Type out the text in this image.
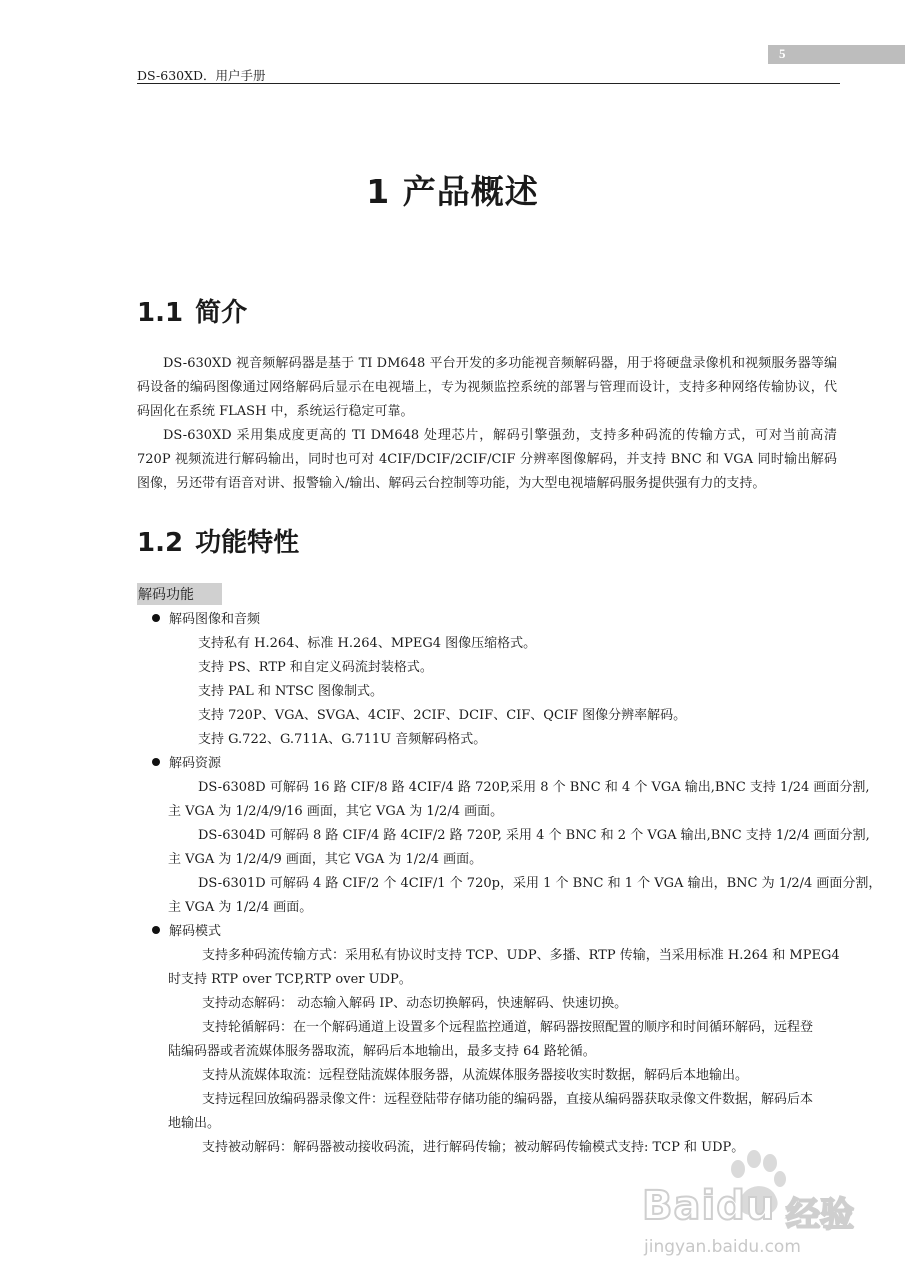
5
DS-630XD．用户手册
1 产品概述
1.1 简介

DS-630XD 视音频解码器是基于 TI DM648 平台开发的多功能视音频解码器，用于将硬盘录像机和视频服务器等编码设备的编码图像通过网络解码后显示在电视墙上，专为视频监控系统的部署与管理而设计，支持多种网络传输协议，代码固化在系统 FLASH 中，系统运行稳定可靠。

DS-630XD 采用集成度更高的 TI DM648 处理芯片，解码引擎强劲，支持多种码流的传输方式，可对当前高清 720P 视频流进行解码输出，同时也可对 4CIF/DCIF/2CIF/CIF 分辨率图像解码，并支持 BNC 和 VGA 同时输出解码图像，另还带有语音对讲、报警输入/输出、解码云台控制等功能，为大型电视墙解码服务提供强有力的支持。

1.2 功能特性
解码功能
解码图像和音频
支持私有 H.264、标准 H.264、MPEG4 图像压缩格式。
支持 PS、RTP 和自定义码流封装格式。
支持 PAL 和 NTSC 图像制式。
支持 720P、VGA、SVGA、4CIF、2CIF、DCIF、CIF、QCIF 图像分辨率解码。
支持 G.722、G.711A、G.711U 音频解码格式。
解码资源
DS-6308D 可解码 16 路 CIF/8 路 4CIF/4 路 720P,采用 8 个 BNC 和 4 个 VGA 输出,BNC 支持 1/24 画面分割,
主 VGA 为 1/2/4/9/16 画面，其它 VGA 为 1/2/4 画面。
DS-6304D 可解码 8 路 CIF/4 路 4CIF/2 路 720P, 采用 4 个 BNC 和 2 个 VGA 输出,BNC 支持 1/2/4 画面分割,
主 VGA 为 1/2/4/9 画面，其它 VGA 为 1/2/4 画面。
DS-6301D 可解码 4 路 CIF/2 个 4CIF/1 个 720p，采用 1 个 BNC 和 1 个 VGA 输出，BNC 为 1/2/4 画面分割，
主 VGA 为 1/2/4 画面。
解码模式
支持多种码流传输方式：采用私有协议时支持 TCP、UDP、多播、RTP 传输，当采用标准 H.264 和 MPEG4
时支持 RTP over TCP,RTP over UDP。
支持动态解码： 动态输入解码 IP、动态切换解码，快速解码、快速切换。
支持轮循解码：在一个解码通道上设置多个远程监控通道，解码器按照配置的顺序和时间循环解码，远程登
陆编码器或者流媒体服务器取流，解码后本地输出，最多支持 64 路轮循。
支持从流媒体取流：远程登陆流媒体服务器，从流媒体服务器接收实时数据，解码后本地输出。
支持远程回放编码器录像文件：远程登陆带存储功能的编码器，直接从编码器获取录像文件数据，解码后本
地输出。
支持被动解码：解码器被动接收码流，进行解码传输；被动解码传输模式支持: TCP 和 UDP。
Baidu 经验
jingyan.baidu.com
